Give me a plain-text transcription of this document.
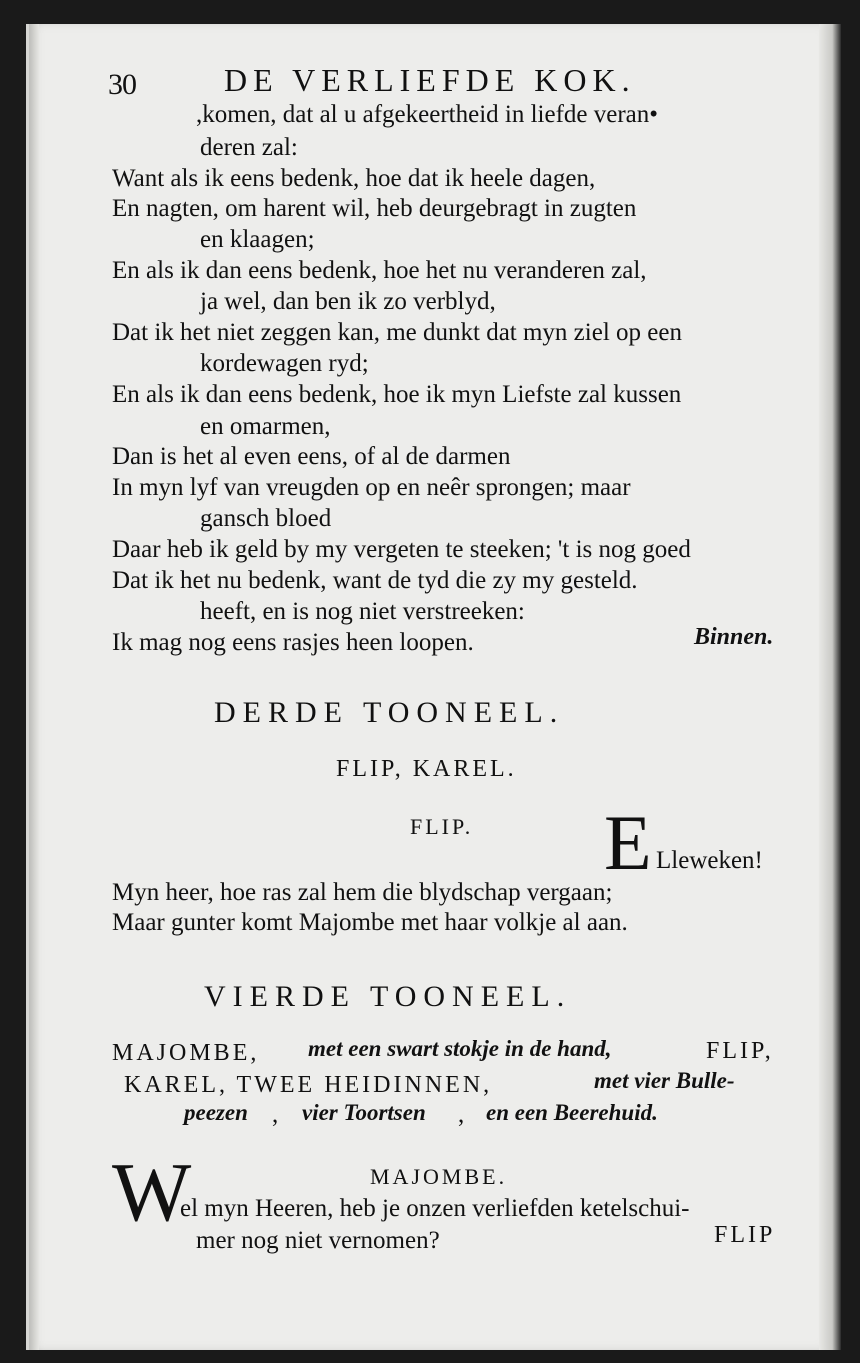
30	DE VERLIEFDE KOK.
,komen, dat al u afgekeertheid in liefde veran•
deren zal:
Want als ik eens bedenk, hoe dat ik heele dagen,
En nagten, om harent wil, heb deurgebragt in zugten
en klaagen;
En als ik dan eens bedenk, hoe het nu veranderen zal,
ja wel, dan ben ik zo verblyd,
Dat ik het niet zeggen kan, me dunkt dat myn ziel op een
kordewagen ryd;
En als ik dan eens bedenk, hoe ik myn Liefste zal kussen
en omarmen,
Dan is het al even eens, of al de darmen
In myn lyf van vreugden op en neêr sprongen; maar
gansch bloed
Daar heb ik geld by my vergeten te steeken; 't is nog goed
Dat ik het nu bedenk, want de tyd die zy my gesteld.
heeft, en is nog niet verstreeken:
Ik mag nog eens rasjes heen loopen.	Binnen.
DERDE TOONEEL.
FLIP, KAREL.
FLIP. E Lleweken!
Myn heer, hoe ras zal hem die blydschap vergaan;
Maar gunter komt Majombe met haar volkje al aan.
VIERDE TOONEEL.
MAJOMBE, met een swart stokje in de hand,	FLIP,
KAREL, TWEE HEIDINNEN,	met vier Bulle-
peezen , vier Toortsen , en een Beerehuid.
MAJOMBE.
W
el myn Heeren, heb je onzen verliefden ketelschui-
mer nog niet vernomen?	FLIP
